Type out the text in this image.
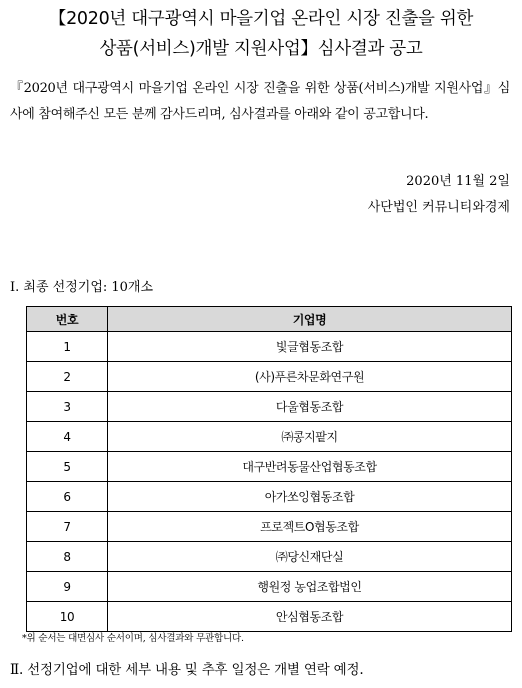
【2020년 대구광역시 마을기업 온라인 시장 진출을 위한
상품(서비스)개발 지원사업】심사결과 공고
『2020년 대구광역시 마을기업 온라인 시장 진출을 위한 상품(서비스)개발 지원사업』심사에 참여해주신 모든 분께 감사드리며, 심사결과를 아래와 같이 공고합니다.
2020년 11월 2일
사단법인 커뮤니티와경제
Ⅰ. 최종 선정기업: 10개소
번호	기업명
1	빛글협동조합
2	(사)푸른차문화연구원
3	다울협동조합
4	㈜콩지팥지
5	대구반려동물산업협동조합
6	아가쏘잉협동조합
7	프로젝트O협동조합
8	㈜당신재단실
9	행원정 농업조합법인
10	안심협동조합
*위 순서는 대면심사 순서이며, 심사결과와 무관합니다.
Ⅱ. 선정기업에 대한 세부 내용 및 추후 일정은 개별 연락 예정.
